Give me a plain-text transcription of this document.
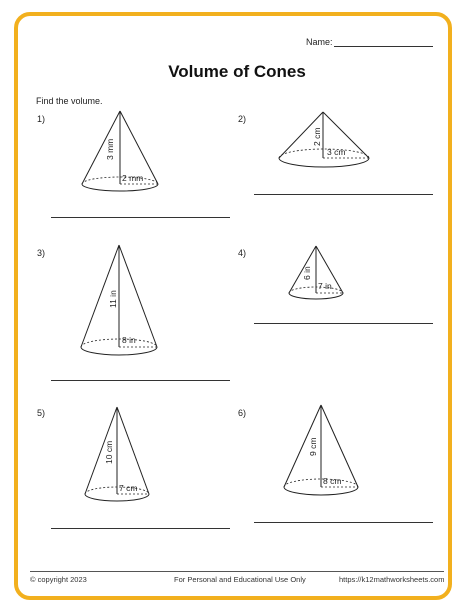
Name:
Volume of Cones
Find the volume.
1)
3 mm
2 mm
2)
2 cm
3 cm
3)
11 in
8 in
4)
6 in
7 in
5)
10 cm
7 cm
6)
9 cm
8 cm
© copyright 2023	For Personal and Educational Use Only	https://k12mathworksheets.com
